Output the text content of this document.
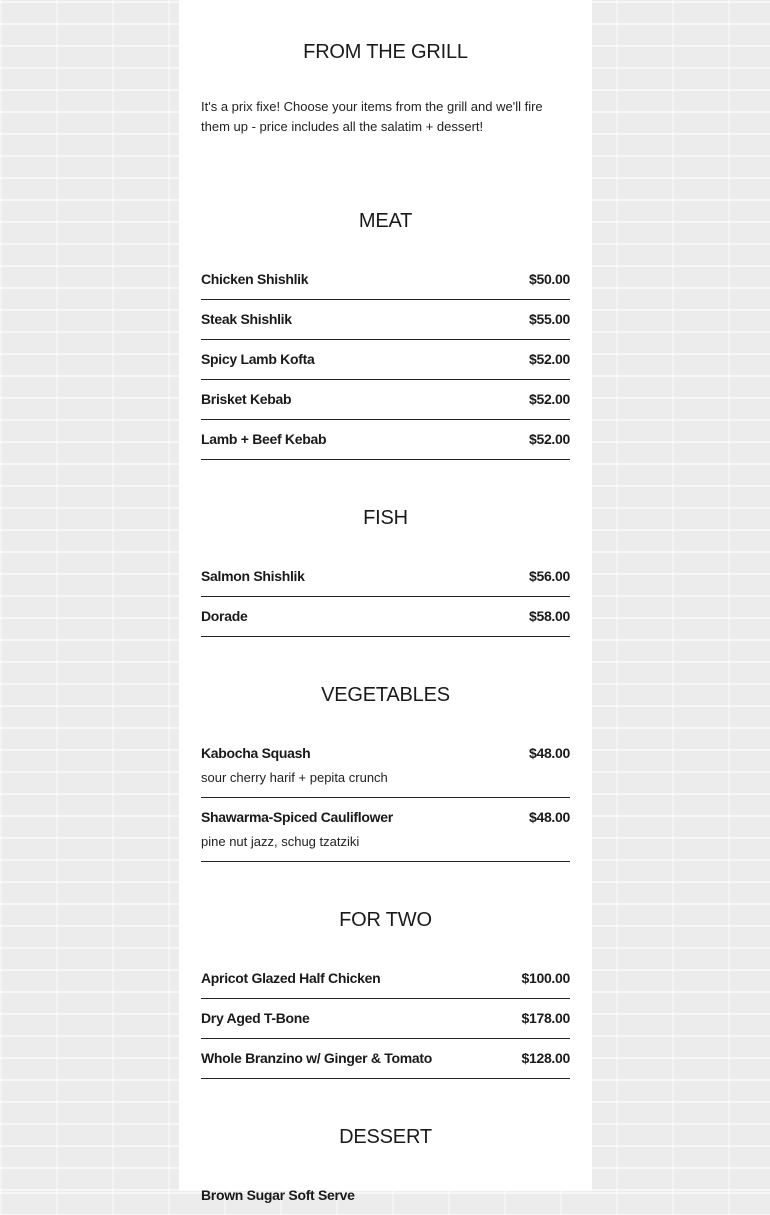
FROM THE GRILL

It's a prix fixe! Choose your items from the grill and we'll fire them up - price includes all the salatim + dessert!

MEAT
Chicken Shishlik	$50.00
Steak Shishlik	$55.00
Spicy Lamb Kofta	$52.00
Brisket Kebab	$52.00
Lamb + Beef Kebab	$52.00
FISH
Salmon Shishlik	$56.00
Dorade	$58.00
VEGETABLES
Kabocha Squash	$48.00
sour cherry harif + pepita crunch
Shawarma-Spiced Cauliflower	$48.00
pine nut jazz, schug tzatziki
FOR TWO
Apricot Glazed Half Chicken	$100.00
Dry Aged T-Bone	$178.00
Whole Branzino w/ Ginger & Tomato	$128.00
DESSERT
Brown Sugar Soft Serve
